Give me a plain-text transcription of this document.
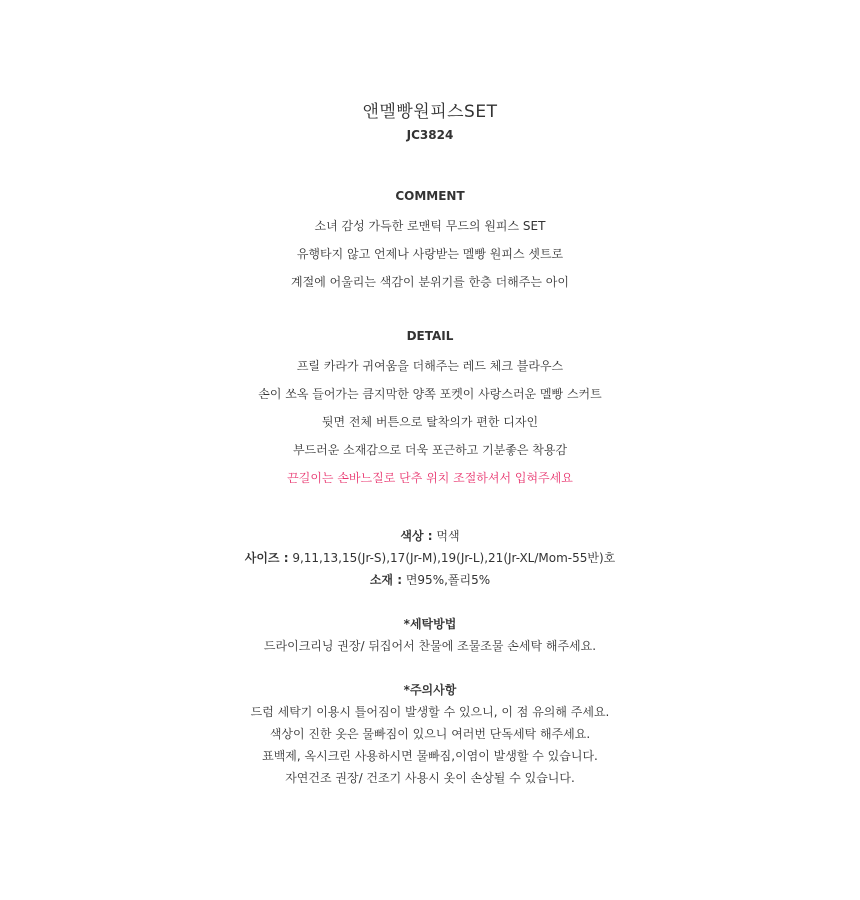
앤멜빵원피스SET
JC3824
COMMENT
소녀 감성 가득한 로맨틱 무드의 원피스 SET
유행타지 않고 언제나 사랑받는 멜빵 원피스 셋트로
계절에 어울리는 색감이 분위기를 한층 더해주는 아이
DETAIL
프릴 카라가 귀여움을 더해주는 레드 체크 블라우스
손이 쏘옥 들어가는 큼지막한 양쪽 포켓이 사랑스러운 멜빵 스커트
뒷면 전체 버튼으로 탈착의가 편한 디자인
부드러운 소재감으로 더욱 포근하고 기분좋은 착용감
끈길이는 손바느질로 단추 위치 조절하셔서 입혀주세요
색상 : 먹색
사이즈 : 9,11,13,15(Jr-S),17(Jr-M),19(Jr-L),21(Jr-XL/Mom-55반)호
소재 : 면95%,폴리5%
*세탁방법
드라이크리닝 권장/ 뒤집어서 찬물에 조물조물 손세탁 해주세요.
*주의사항
드럼 세탁기 이용시 틀어짐이 발생할 수 있으니, 이 점 유의해 주세요.
색상이 진한 옷은 물빠짐이 있으니 여러번 단독세탁 해주세요.
표백제, 옥시크린 사용하시면 물빠짐,이염이 발생할 수 있습니다.
자연건조 권장/ 건조기 사용시 옷이 손상될 수 있습니다.
